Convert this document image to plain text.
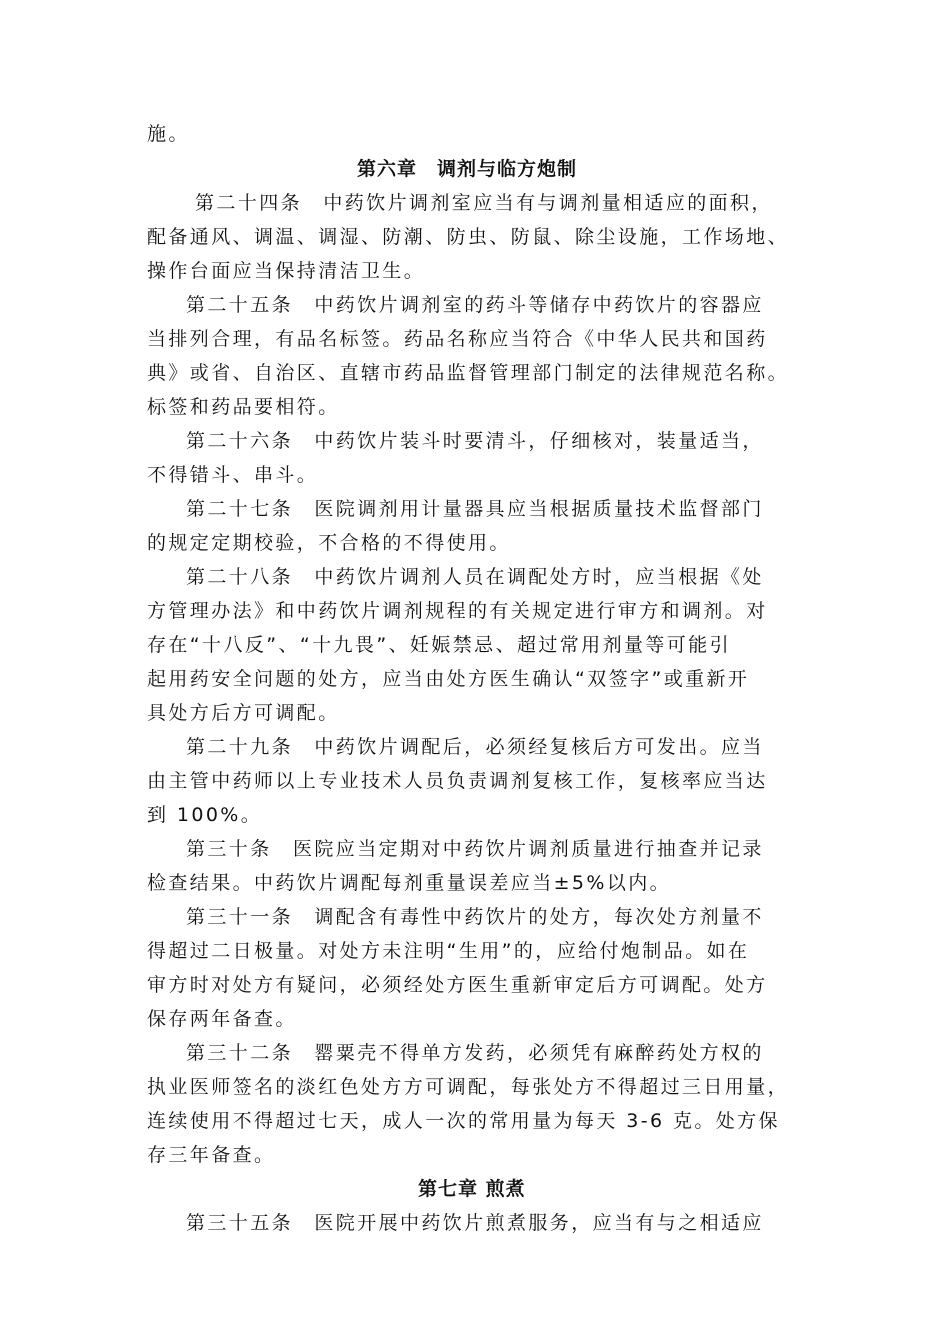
施。
第六章　调剂与临方炮制
第二十四条　中药饮片调剂室应当有与调剂量相适应的面积，
配备通风、调温、调湿、防潮、防虫、防鼠、除尘设施，工作场地、
操作台面应当保持清洁卫生。
第二十五条　中药饮片调剂室的药斗等储存中药饮片的容器应
当排列合理，有品名标签。药品名称应当符合《中华人民共和国药
典》或省、自治区、直辖市药品监督管理部门制定的法律规范名称。
标签和药品要相符。
第二十六条　中药饮片装斗时要清斗，仔细核对，装量适当，
不得错斗、串斗。
第二十七条　医院调剂用计量器具应当根据质量技术监督部门
的规定定期校验，不合格的不得使用。
第二十八条　中药饮片调剂人员在调配处方时，应当根据《处
方管理办法》和中药饮片调剂规程的有关规定进行审方和调剂。对
存在“十八反”、“十九畏”、妊娠禁忌、超过常用剂量等可能引
起用药安全问题的处方，应当由处方医生确认“双签字”或重新开
具处方后方可调配。
第二十九条　中药饮片调配后，必须经复核后方可发出。应当
由主管中药师以上专业技术人员负责调剂复核工作，复核率应当达
到 100%。
第三十条　医院应当定期对中药饮片调剂质量进行抽查并记录
检查结果。中药饮片调配每剂重量误差应当±5%以内。
第三十一条　调配含有毒性中药饮片的处方，每次处方剂量不
得超过二日极量。对处方未注明“生用”的，应给付炮制品。如在
审方时对处方有疑问，必须经处方医生重新审定后方可调配。处方
保存两年备查。
第三十二条　罂粟壳不得单方发药，必须凭有麻醉药处方权的
执业医师签名的淡红色处方方可调配，每张处方不得超过三日用量，
连续使用不得超过七天，成人一次的常用量为每天 3-6 克。处方保
存三年备查。
第七章 煎煮
第三十五条　医院开展中药饮片煎煮服务，应当有与之相适应
